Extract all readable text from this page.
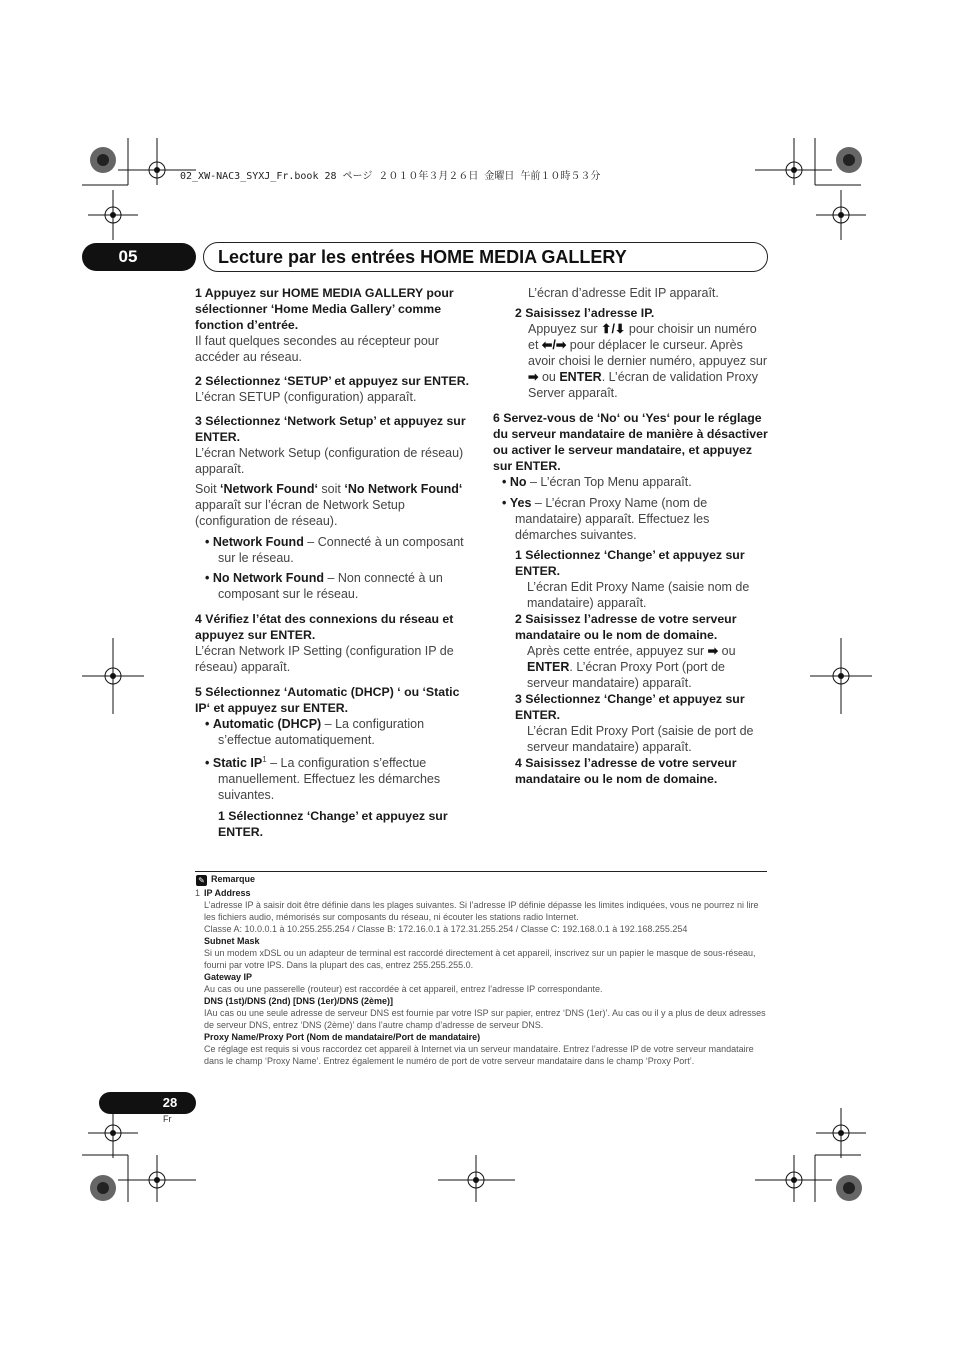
02_XW-NAC3_SYXJ_Fr.book 28 ページ ２０１０年３月２６日 金曜日 午前１０時５３分
05	Lecture par les entrées HOME MEDIA GALLERY
1 Appuyez sur HOME MEDIA GALLERY pour sélectionner ‘Home Media Gallery’ comme fonction d’entrée.
Il faut quelques secondes au récepteur pour accéder au réseau.
2 Sélectionnez ‘SETUP’ et appuyez sur ENTER.
L’écran SETUP (configuration) apparaît.
3 Sélectionnez ‘Network Setup’ et appuyez sur ENTER.
L’écran Network Setup (configuration de réseau) apparaît.
Soit ‘Network Found‘ soit ‘No Network Found‘ apparaît sur l’écran de Network Setup (configuration de réseau).
• Network Found – Connecté à un composant sur le réseau.
• No Network Found – Non connecté à un composant sur le réseau.
4 Vérifiez l’état des connexions du réseau et appuyez sur ENTER.
L’écran Network IP Setting (configuration IP de réseau) apparaît.
5 Sélectionnez ‘Automatic (DHCP) ‘ ou ‘Static IP‘ et appuyez sur ENTER.
• Automatic (DHCP) – La configuration s’effectue automatiquement.
• Static $IP^1$ – La configuration s’effectue manuellement. Effectuez les démarches suivantes.
1 Sélectionnez ‘Change’ et appuyez sur ENTER.
L’écran d’adresse Edit IP apparaît.
2 Saisissez l’adresse IP.
Appuyez sur ⬆/⬇ pour choisir un numéro et ⬅/➡ pour déplacer le curseur. Après avoir choisi le dernier numéro, appuyez sur ➡ ou ENTER. L’écran de validation Proxy Server apparaît.
6 Servez-vous de ‘No‘ ou ‘Yes‘ pour le réglage du serveur mandataire de manière à désactiver ou activer le serveur mandataire, et appuyez sur ENTER.
• No – L’écran Top Menu apparaît.
• Yes – L’écran Proxy Name (nom de mandataire) apparaît. Effectuez les démarches suivantes.
1 Sélectionnez ‘Change’ et appuyez sur ENTER.
L’écran Edit Proxy Name (saisie nom de mandataire) apparaît.
2 Saisissez l’adresse de votre serveur mandataire ou le nom de domaine.
Après cette entrée, appuyez sur ➡ ou ENTER. L’écran Proxy Port (port de serveur mandataire) apparaît.
3 Sélectionnez ‘Change’ et appuyez sur ENTER.
L’écran Edit Proxy Port (saisie de port de serveur mandataire) apparaît.
4 Saisissez l’adresse de votre serveur mandataire ou le nom de domaine.
✎ Remarque
1 IP Address
L’adresse IP à saisir doit être définie dans les plages suivantes. Si l’adresse IP définie dépasse les limites indiquées, vous ne pourrez ni lire les fichiers audio, mémorisés sur composants du réseau, ni écouter les stations radio Internet.
Classe A: 10.0.0.1 à 10.255.255.254 / Classe B: 172.16.0.1 à 172.31.255.254 / Classe C: 192.168.0.1 à 192.168.255.254
Subnet Mask
Si un modem xDSL ou un adapteur de terminal est raccordé directement à cet appareil, inscrivez sur un papier le masque de sous-réseau, fourni par votre IPS. Dans la plupart des cas, entrez 255.255.255.0.
Gateway IP
Au cas ou une passerelle (routeur) est raccordée à cet appareil, entrez l’adresse IP correspondante.
DNS (1st)/DNS (2nd) [DNS (1er)/DNS (2ème)]
IAu cas ou une seule adresse de serveur DNS est fournie par votre ISP sur papier, entrez ‘DNS (1er)’. Au cas ou il y a plus de deux adresses de serveur DNS, entrez ‘DNS (2ème)’ dans l’autre champ d’adresse de serveur DNS.
Proxy Name/Proxy Port (Nom de mandataire/Port de mandataire)
Ce réglage est requis si vous raccordez cet appareil à Internet via un serveur mandataire. Entrez l’adresse IP de votre serveur mandataire dans le champ ‘Proxy Name’. Entrez également le numéro de port de votre serveur mandataire dans le champ ‘Proxy Port’.
28
Fr
